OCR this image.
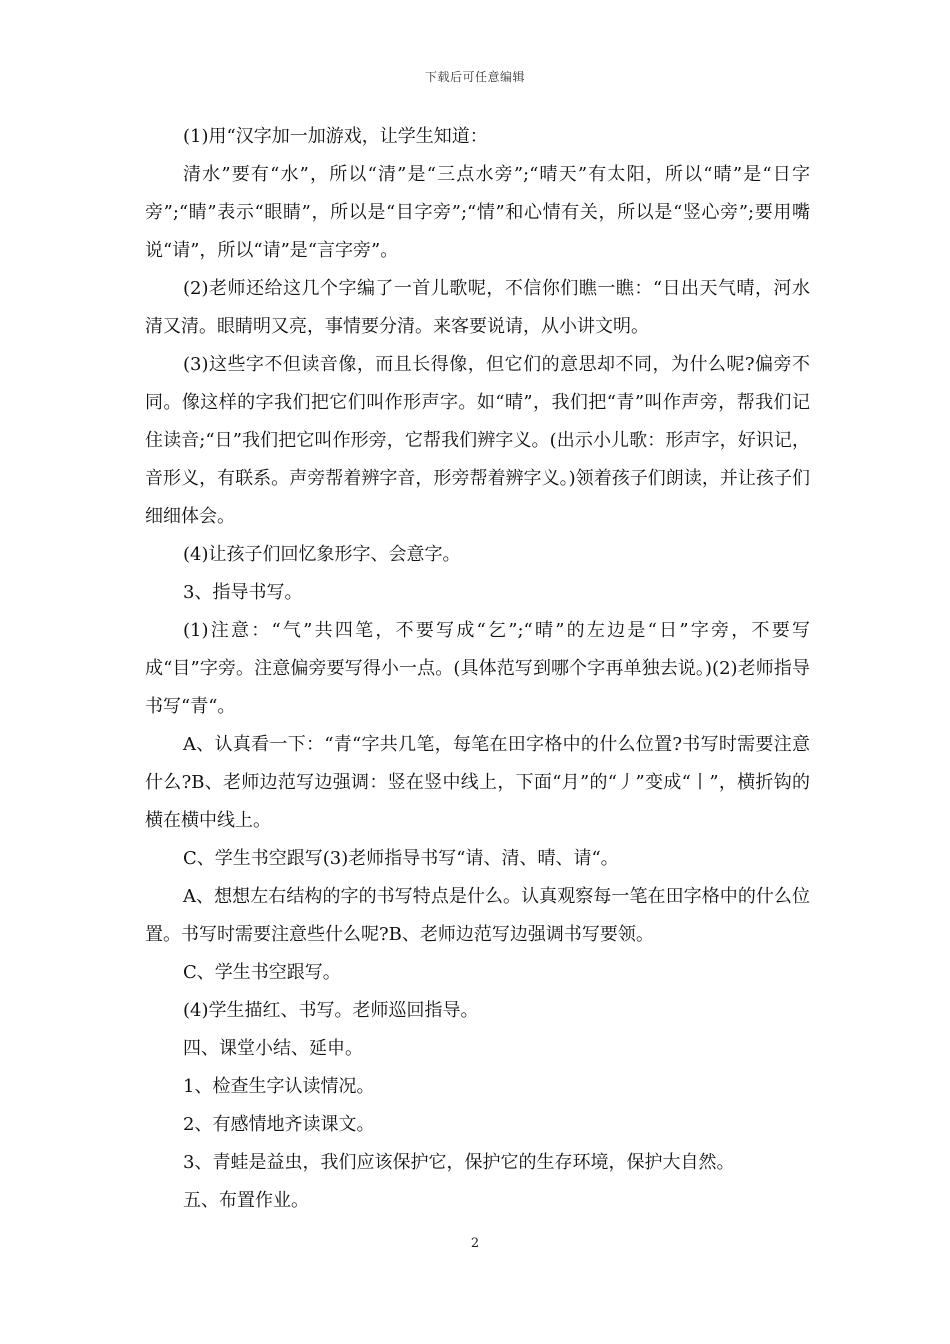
下载后可任意编辑

(1)用“汉字加一加游戏，让学生知道：

清水”要有“水”，所以“清”是“三点水旁”;“晴天”有太阳，所以“晴”是“日字旁”;“睛”表示“眼睛”，所以是“目字旁”;“情”和心情有关，所以是“竖心旁”;要用嘴说“请”，所以“请”是“言字旁”。

(2)老师还给这几个字编了一首儿歌呢，不信你们瞧一瞧：“日出天气晴，河水清又清。眼睛明又亮，事情要分清。来客要说请，从小讲文明。

(3)这些字不但读音像，而且长得像，但它们的意思却不同，为什么呢?偏旁不同。像这样的字我们把它们叫作形声字。如“晴”，我们把“青”叫作声旁，帮我们记住读音;“日”我们把它叫作形旁，它帮我们辨字义。(出示小儿歌：形声字，好识记，音形义，有联系。声旁帮着辨字音，形旁帮着辨字义。)领着孩子们朗读，并让孩子们细细体会。

(4)让孩子们回忆象形字、会意字。

3、指导书写。

(1)注意：“气”共四笔，不要写成“乞”;“晴”的左边是“日”字旁，不要写成“目”字旁。注意偏旁要写得小一点。(具体范写到哪个字再单独去说。)(2)老师指导书写“青“。

A、认真看一下：“青“字共几笔，每笔在田字格中的什么位置?书写时需要注意什么?B、老师边范写边强调：竖在竖中线上，下面“月”的“丿”变成“丨”，横折钩的横在横中线上。

C、学生书空跟写(3)老师指导书写“请、清、晴、请“。

A、想想左右结构的字的书写特点是什么。认真观察每一笔在田字格中的什么位置。书写时需要注意些什么呢?B、老师边范写边强调书写要领。

C、学生书空跟写。

(4)学生描红、书写。老师巡回指导。

四、课堂小结、延申。

1、检查生字认读情况。

2、有感情地齐读课文。

3、青蛙是益虫，我们应该保护它，保护它的生存环境，保护大自然。

五、布置作业。

2
